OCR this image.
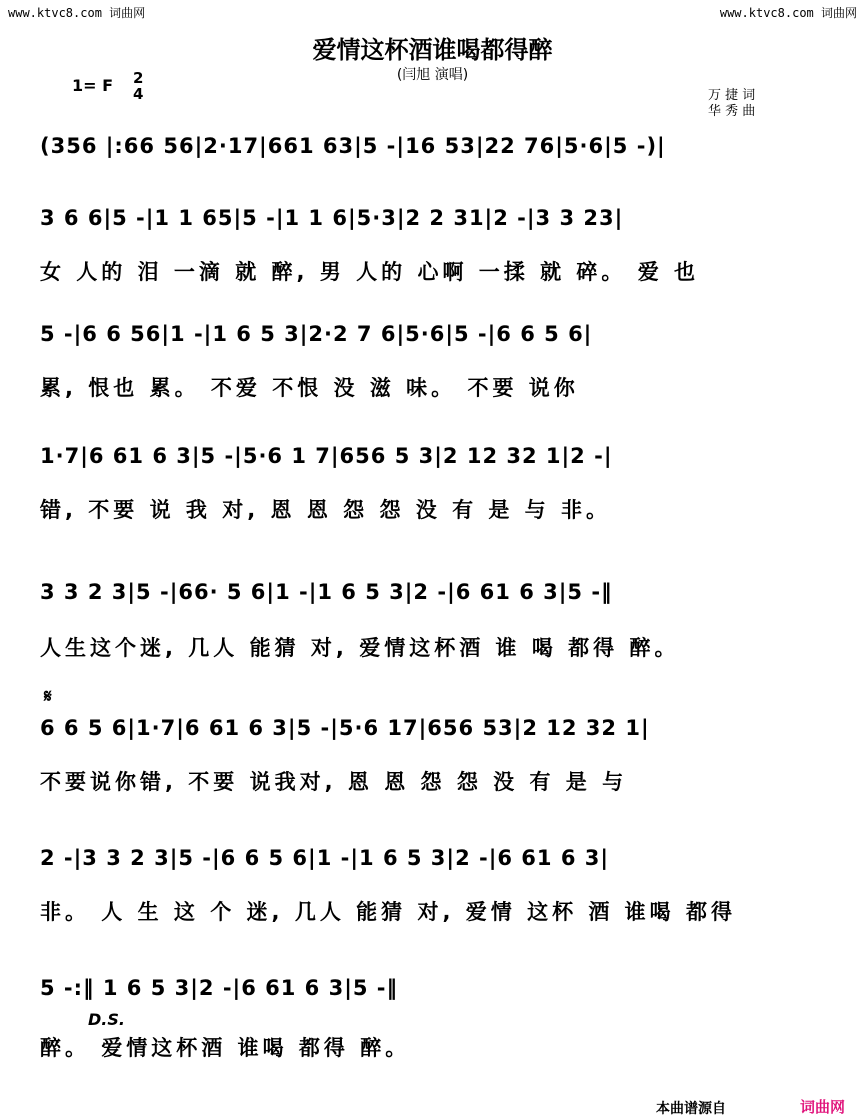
www.ktvc8.com 词曲网	www.ktvc8.com 词曲网
爱情这杯酒谁喝都得醉
(闫旭 演唱)
1= F 2
4	万 捷 词
华 秀 曲
(356 |:66 56|2·17|661 63|5 -|16 53|22 76|5·6|5 -)|
3 6 6|5 -|1 1 65|5 -|1 1 6|5·3|2 2 31|2 -|3 3 23|
女 人的 泪 一滴 就 醉, 男 人的 心啊 一揉 就 碎。 爱 也
5 -|6 6 56|1 -|1 6 5 3|2·2 7 6|5·6|5 -|6 6 5 6|
累, 恨也 累。 不爱 不恨 没 滋 味。 不要 说你
1·7|6 61 6 3|5 -|5·6 1 7|656 5 3|2 12 32 1|2 -|
错, 不要 说 我 对, 恩 恩 怨 怨 没 有 是 与 非。
3 3 2 3|5 -|66· 5 6|1 -|1 6 5 3|2 -|6 61 6 3|5 -‖
人生这个迷, 几人 能猜 对, 爱情这杯酒 谁 喝 都得 醉。
𝄋
6 6 5 6|1·7|6 61 6 3|5 -|5·6 17|656 53|2 12 32 1|
不要说你错, 不要 说我对, 恩 恩 怨 怨 没 有 是 与
2 -|3 3 2 3|5 -|6 6 5 6|1 -|1 6 5 3|2 -|6 61 6 3|
非。 人 生 这 个 迷, 几人 能猜 对, 爱情 这杯 酒 谁喝 都得
5 -:‖ 1 6 5 3|2 -|6 61 6 3|5 -‖
D.S.
醉。 爱情这杯酒 谁喝 都得 醉。
本曲谱源自	词曲网
